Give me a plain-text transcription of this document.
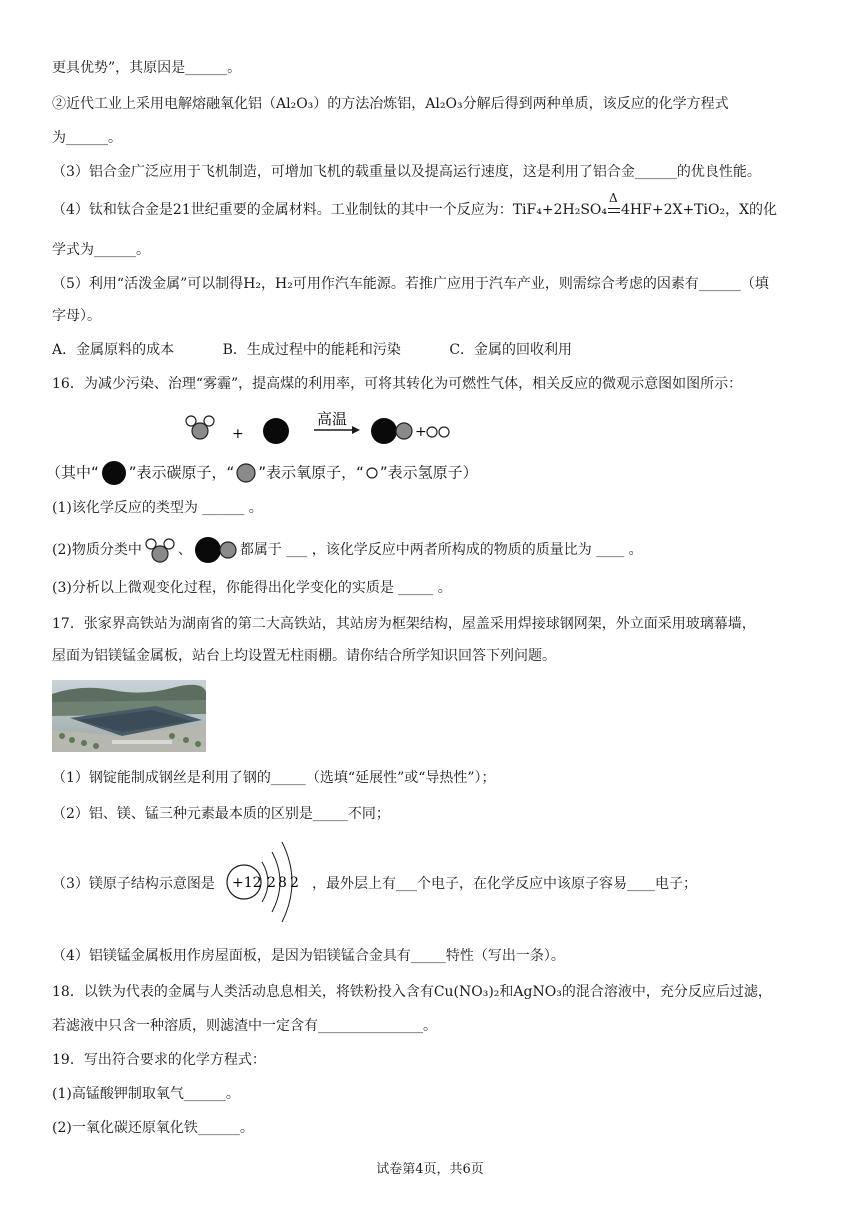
更具优势”，其原因是______。
②近代工业上采用电解熔融氧化铝（Al₂O₃）的方法冶炼铝，Al₂O₃分解后得到两种单质，该反应的化学方程式
为______。
（3）铝合金广泛应用于飞机制造，可增加飞机的载重量以及提高运行速度，这是利用了铝合金______的优良性能。
（4）钛和钛合金是21世纪重要的金属材料。工业制钛的其中一个反应为：TiF₄+2H₂SO₄
Δ
4HF+2X+TiO₂，X的化
学式为______。
（5）利用“活泼金属”可以制得H₂，H₂可用作汽车能源。若推广应用于汽车产业，则需综合考虑的因素有______（填
字母）。
A．金属原料的成本	B．生成过程中的能耗和污染	C．金属的回收利用
16．为减少污染、治理“雾霾”，提高煤的利用率，可将其转化为可燃性气体，相关反应的微观示意图如图所示：
+
高温
+
（其中“ ”表示碳原子，“ ”表示氧原子，“ ”表示氢原子）
(1)该化学反应的类型为 ______ 。
(2)物质分类中	、	都属于 ___ ，该化学反应中两者所构成的物质的质量比为 ____ 。
(3)分析以上微观变化过程，你能得出化学变化的实质是 _____ 。
17．张家界高铁站为湖南省的第二大高铁站，其站房为框架结构，屋盖采用焊接球钢网架，外立面采用玻璃幕墙，
屋面为铝镁锰金属板，站台上均设置无柱雨棚。请你结合所学知识回答下列问题。
（1）钢锭能制成钢丝是利用了钢的_____（选填“延展性”或“导热性”）；
（2）铝、镁、锰三种元素最本质的区别是_____不同；
（3）镁原子结构示意图是	+12 2 8 2 ，最外层上有___个电子，在化学反应中该原子容易____电子；
（4）铝镁锰金属板用作房屋面板，是因为铝镁锰合金具有_____特性（写出一条）。
18．以铁为代表的金属与人类活动息息相关，将铁粉投入含有Cu(NO₃)₂和AgNO₃的混合溶液中，充分反应后过滤，
若滤液中只含一种溶质，则滤渣中一定含有_______________。
19．写出符合要求的化学方程式：
(1)高锰酸钾制取氧气______。
(2)一氧化碳还原氧化铁______。
试卷第4页，共6页
